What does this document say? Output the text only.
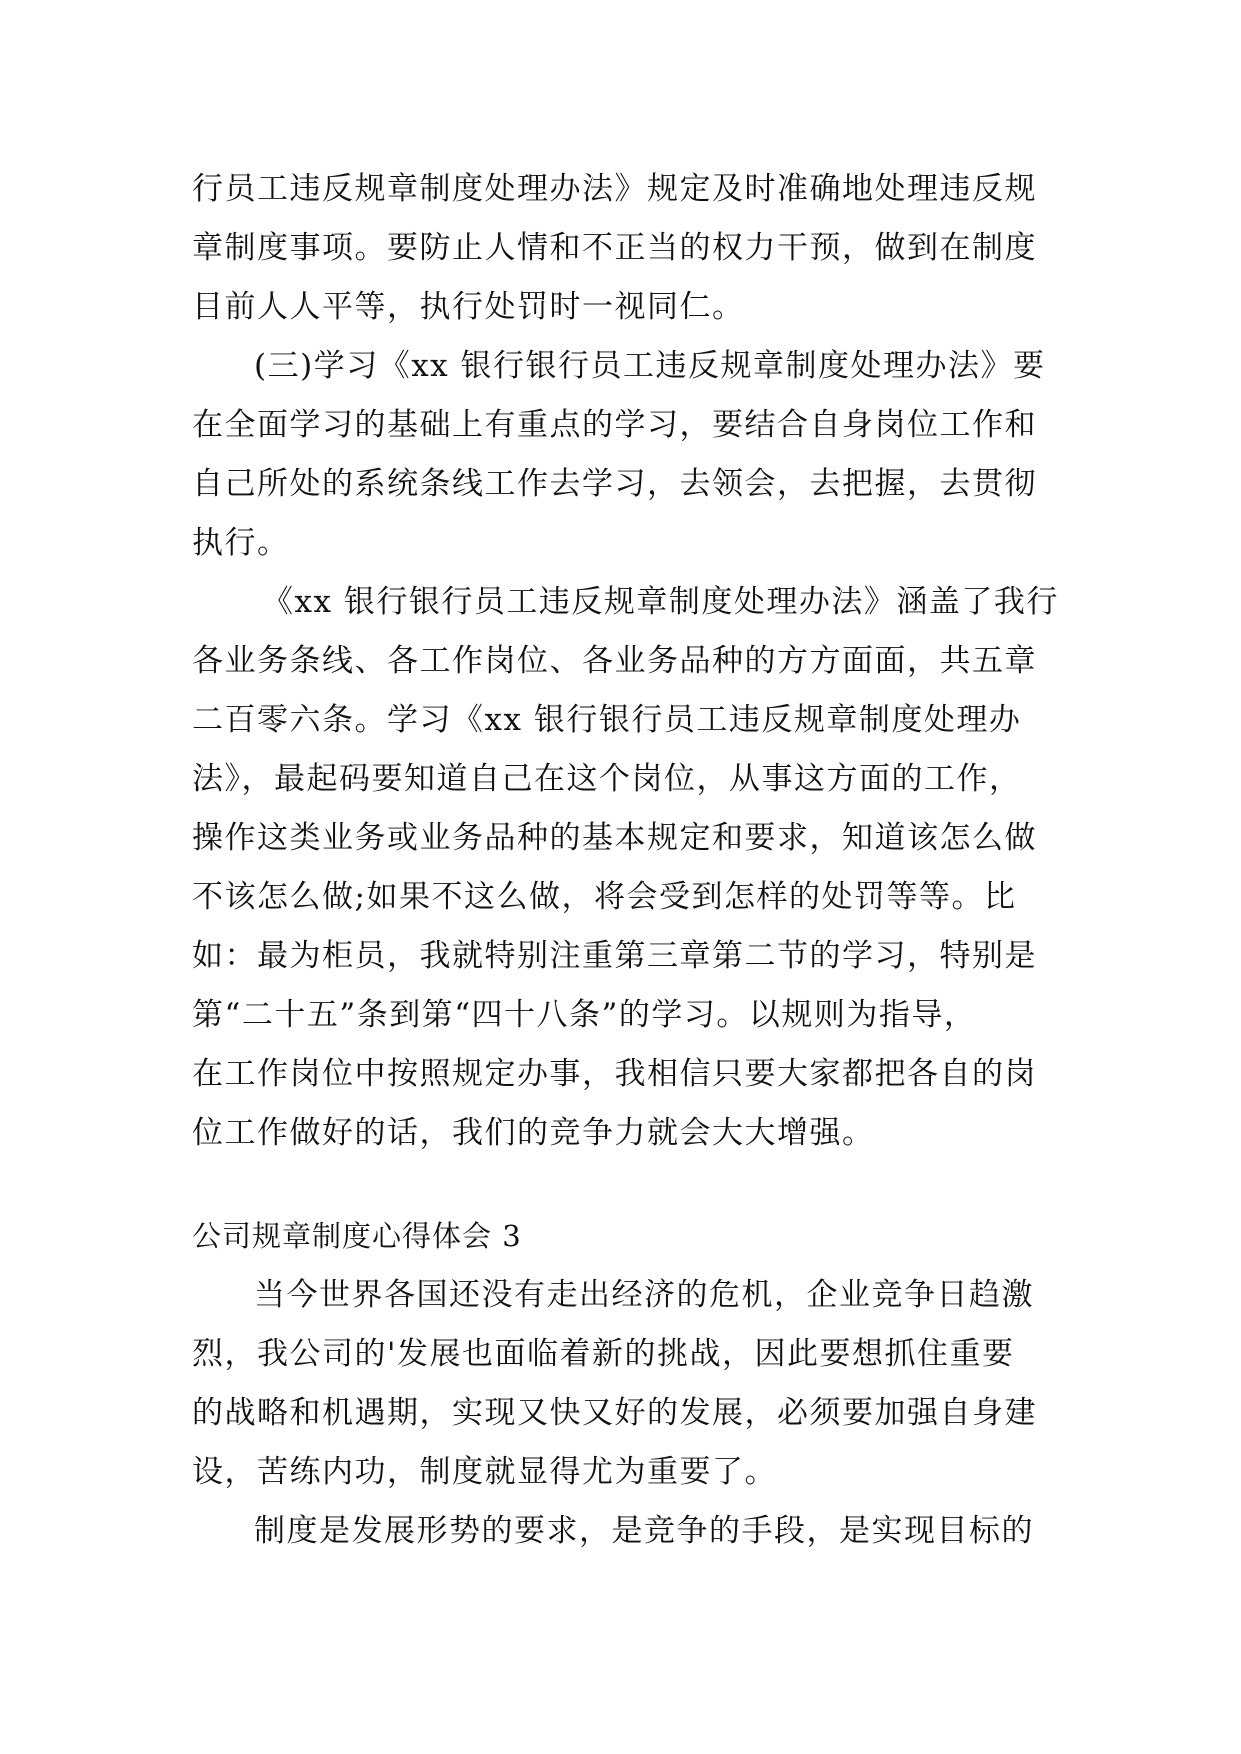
行员工违反规章制度处理办法》规定及时准确地处理违反规
章制度事项。要防止人情和不正当的权力干预，做到在制度
目前人人平等，执行处罚时一视同仁。
(三)学习《xx 银行银行员工违反规章制度处理办法》要
在全面学习的基础上有重点的学习，要结合自身岗位工作和
自己所处的系统条线工作去学习，去领会，去把握，去贯彻
执行。
《xx 银行银行员工违反规章制度处理办法》涵盖了我行
各业务条线、各工作岗位、各业务品种的方方面面，共五章
二百零六条。学习《xx 银行银行员工违反规章制度处理办
法》，最起码要知道自己在这个岗位，从事这方面的工作，
操作这类业务或业务品种的基本规定和要求，知道该怎么做
不该怎么做;如果不这么做，将会受到怎样的处罚等等。比
如：最为柜员，我就特别注重第三章第二节的学习，特别是
第“二十五”条到第“四十八条”的学习。以规则为指导，
在工作岗位中按照规定办事，我相信只要大家都把各自的岗
位工作做好的话，我们的竞争力就会大大增强。
公司规章制度心得体会 3
当今世界各国还没有走出经济的危机，企业竞争日趋激
烈，我公司的'发展也面临着新的挑战，因此要想抓住重要
的战略和机遇期，实现又快又好的发展，必须要加强自身建
设，苦练内功，制度就显得尤为重要了。
制度是发展形势的要求，是竞争的手段，是实现目标的
